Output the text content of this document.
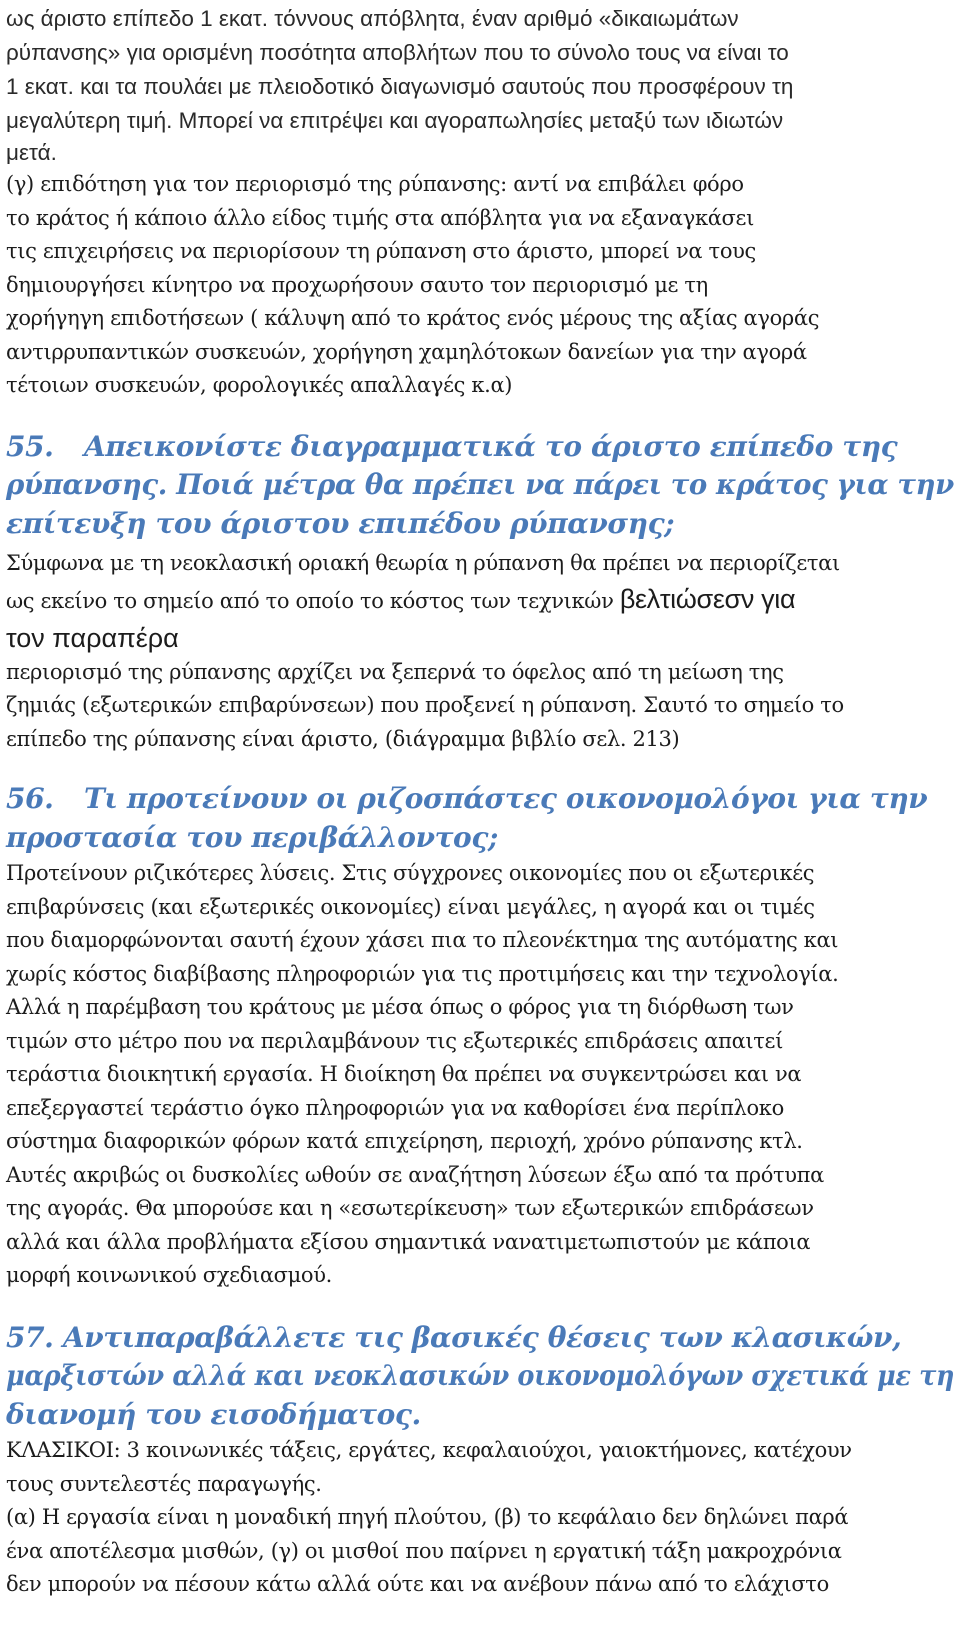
ως άριστο επίπεδο 1 εκατ. τόννους απόβλητα, έναν αριθμό «δικαιωμάτων
ρύπανσης» για ορισμένη ποσότητα αποβλήτων που το σύνολο τους να είναι το
1 εκατ. και τα πουλάει με πλειοδοτικό διαγωνισμό σαυτούς που προσφέρουν τη
μεγαλύτερη τιμή. Μπορεί να επιτρέψει και αγοραπωλησίες μεταξύ των ιδιωτών
μετά.
(γ) επιδότηση για τον περιορισμό της ρύπανσης: αντί να επιβάλει φόρο
το κράτος ή κάποιο άλλο είδος τιμής στα απόβλητα για να εξαναγκάσει
τις επιχειρήσεις να περιορίσουν τη ρύπανση στο άριστο, μπορεί να τους
δημιουργήσει κίνητρο να προχωρήσουν σαυτο τον περιορισμό με τη
χορήγηγη επιδοτήσεων ( κάλυψη από το κράτος ενός μέρους της αξίας αγοράς
αντιρρυπαντικών συσκευών, χορήγηση χαμηλότοκων δανείων για την αγορά
τέτοιων συσκευών, φορολογικές απαλλαγές κ.α)
55. Απεικονίστε διαγραμματικά το άριστο επίπεδο της
ρύπανσης. Ποιά μέτρα θα πρέπει να πάρει το κράτος για την
επίτευξη του άριστου επιπέδου ρύπανσης;
Σύμφωνα με τη νεοκλασική οριακή θεωρία η ρύπανση θα πρέπει να περιορίζεται
ως εκείνο το σημείο από το οποίο το κόστος των τεχνικών βελτιώσεσν για
τον παραπέρα
περιορισμό της ρύπανσης αρχίζει να ξεπερνά το όφελος από τη μείωση της
ζημιάς (εξωτερικών επιβαρύνσεων) που προξενεί η ρύπανση. Σαυτό το σημείο το
επίπεδο της ρύπανσης είναι άριστο, (διάγραμμα βιβλίο σελ. 213)
56. Τι προτείνουν οι ριζοσπάστες οικονομολόγοι για την
προστασία του περιβάλλοντος;
Προτείνουν ριζικότερες λύσεις. Στις σύγχρονες οικονομίες που οι εξωτερικές
επιβαρύνσεις (και εξωτερικές οικονομίες) είναι μεγάλες, η αγορά και οι τιμές
που διαμορφώνονται σαυτή έχουν χάσει πια το πλεονέκτημα της αυτόματης και
χωρίς κόστος διαβίβασης πληροφοριών για τις προτιμήσεις και την τεχνολογία.
Αλλά η παρέμβαση του κράτους με μέσα όπως ο φόρος για τη διόρθωση των
τιμών στο μέτρο που να περιλαμβάνουν τις εξωτερικές επιδράσεις απαιτεί
τεράστια διοικητική εργασία. Η διοίκηση θα πρέπει να συγκεντρώσει και να
επεξεργαστεί τεράστιο όγκο πληροφοριών για να καθορίσει ένα περίπλοκο
σύστημα διαφορικών φόρων κατά επιχείρηση, περιοχή, χρόνο ρύπανσης κτλ.
Αυτές ακριβώς οι δυσκολίες ωθούν σε αναζήτηση λύσεων έξω από τα πρότυπα
της αγοράς. Θα μπορούσε και η «εσωτερίκευση» των εξωτερικών επιδράσεων
αλλά και άλλα προβλήματα εξίσου σημαντικά νανατιμετωπιστούν με κάποια
μορφή κοινωνικού σχεδιασμού.
57. Αντιπαραβάλλετε τις βασικές θέσεις των κλασικών,
μαρξιστών αλλά και νεοκλασικών οικονομολόγων σχετικά με τη
διανομή του εισοδήματος.
ΚΛΑΣΙΚΟΙ: 3 κοινωνικές τάξεις, εργάτες, κεφαλαιούχοι, γαιοκτήμονες, κατέχουν
τους συντελεστές παραγωγής.
(α) Η εργασία είναι η μοναδική πηγή πλούτου, (β) το κεφάλαιο δεν δηλώνει παρά
ένα αποτέλεσμα μισθών, (γ) οι μισθοί που παίρνει η εργατική τάξη μακροχρόνια
δεν μπορούν να πέσουν κάτω αλλά ούτε και να ανέβουν πάνω από το ελάχιστο
